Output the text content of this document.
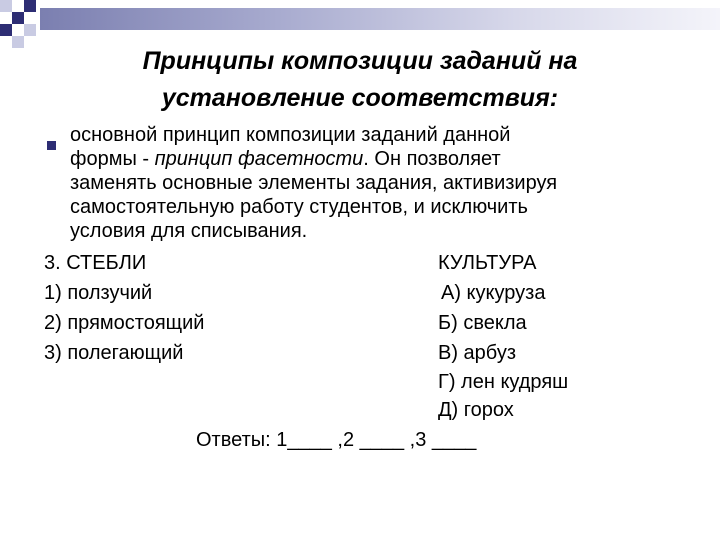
Принципы композиции заданий на
установление соответствия:
основной принцип композиции заданий данной
формы - принцип фасетности. Он позволяет
заменять основные элементы задания, активизируя
самостоятельную работу студентов, и исключить
условия для списывания.
3. СТЕБЛИ	КУЛЬТУРА
1) ползучий
2) прямостоящий
3) полегающий
А) кукуруза
Б) свекла
В) арбуз
Г) лен кудряш
Д) горох
Ответы: 1____ ,2 ____ ,3 ____
